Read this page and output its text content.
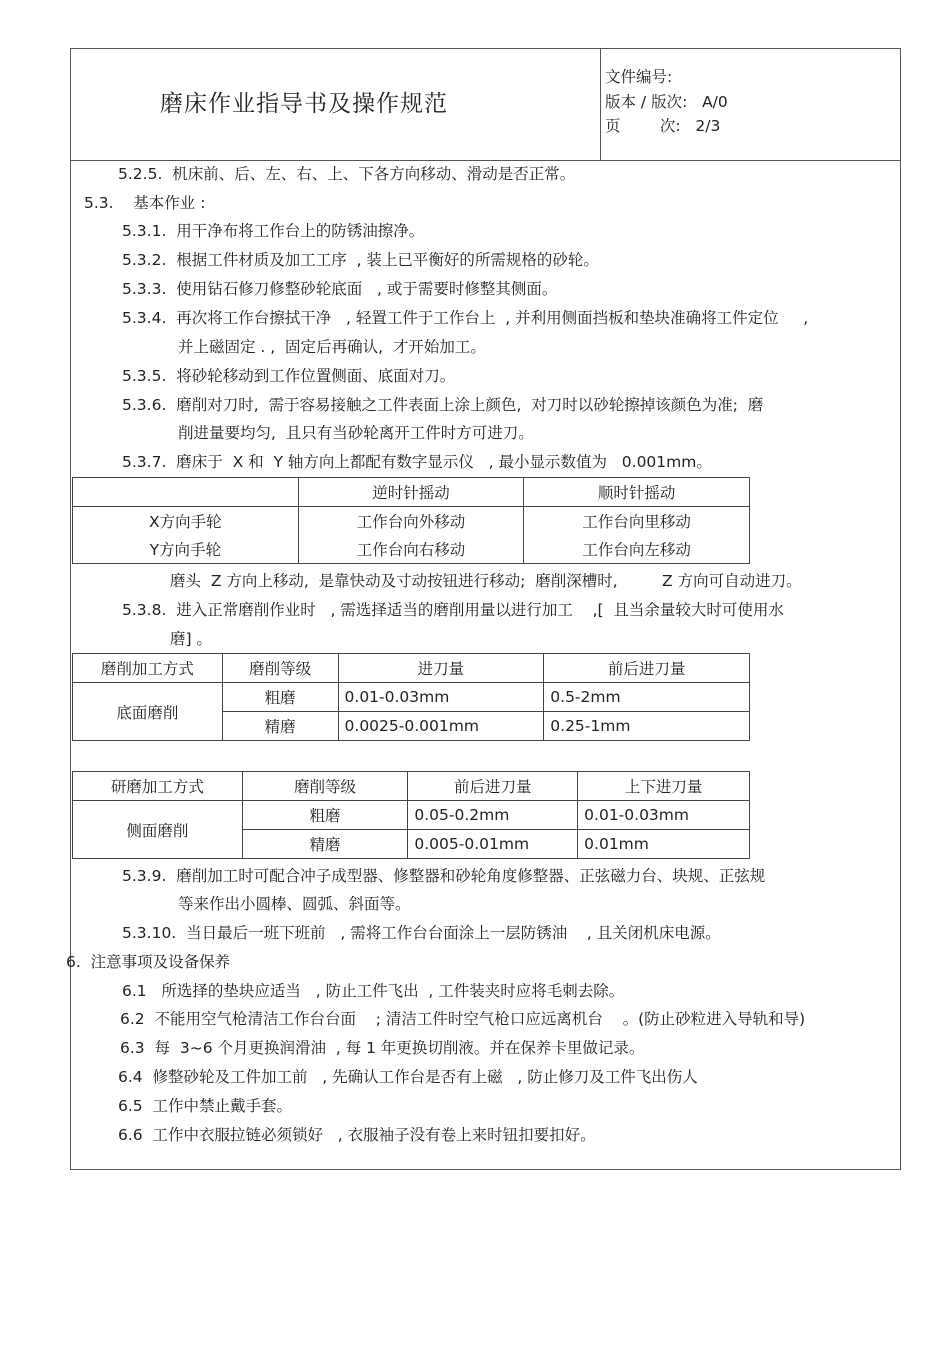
磨床作业指导书及操作规范
文件编号:
版本 / 版次:   A/0
页        次:   2/3
5.2.5.  机床前、后、左、右、上、下各方向移动、滑动是否正常。
5.3.    基本作业 :
5.3.1.  用干净布将工作台上的防锈油擦净。
5.3.2.  根据工件材质及加工工序  , 装上已平衡好的所需规格的砂轮。
5.3.3.  使用钻石修刀修整砂轮底面   , 或于需要时修整其侧面。
5.3.4.  再次将工作台擦拭干净   , 轻置工件于工作台上  , 并利用侧面挡板和垫块准确将工件定位     ,
并上磁固定 . ,  固定后再确认,  才开始加工。
5.3.5.  将砂轮移动到工作位置侧面、底面对刀。
5.3.6.  磨削对刀时,  需于容易接触之工件表面上涂上颜色,  对刀时以砂轮擦掉该颜色为准;  磨
削进量要均匀,  且只有当砂轮离开工件时方可进刀。
5.3.7.  磨床于  X 和  Y 轴方向上都配有数字显示仪   , 最小显示数值为   0.001mm。
	逆时针摇动	顺时针摇动
X方向手轮	工作台向外移动	工作台向里移动
Y方向手轮	工作台向右移动	工作台向左移动
磨头  Z 方向上移动,  是靠快动及寸动按钮进行移动;  磨削深槽时,         Z 方向可自动进刀。
5.3.8.  进入正常磨削作业时   , 需选择适当的磨削用量以进行加工    ,[  且当余量较大时可使用水
磨] 。
磨削加工方式	磨削等级	进刀量	前后进刀量
底面磨削	粗磨	0.01-0.03mm	0.5-2mm
	精磨	0.0025-0.001mm	0.25-1mm
研磨加工方式	磨削等级	前后进刀量	上下进刀量
侧面磨削	粗磨	0.05-0.2mm	0.01-0.03mm
	精磨	0.005-0.01mm	0.01mm
5.3.9.  磨削加工时可配合冲子成型器、修整器和砂轮角度修整器、正弦磁力台、块规、正弦规
等来作出小圆棒、圆弧、斜面等。
5.3.10.  当日最后一班下班前   , 需将工作台台面涂上一层防锈油    , 且关闭机床电源。
6.  注意事项及设备保养
6.1   所选择的垫块应适当   , 防止工件飞出  , 工件装夹时应将毛刺去除。
6.2  不能用空气枪清洁工作台台面    ; 清洁工件时空气枪口应远离机台    。(防止砂粒进入导轨和导)
6.3  每  3~6 个月更换润滑油  , 每 1 年更换切削液。并在保养卡里做记录。
6.4  修整砂轮及工件加工前   , 先确认工作台是否有上磁   , 防止修刀及工件飞出伤人
6.5  工作中禁止戴手套。
6.6  工作中衣服拉链必须锁好   , 衣服袖子没有卷上来时钮扣要扣好。
